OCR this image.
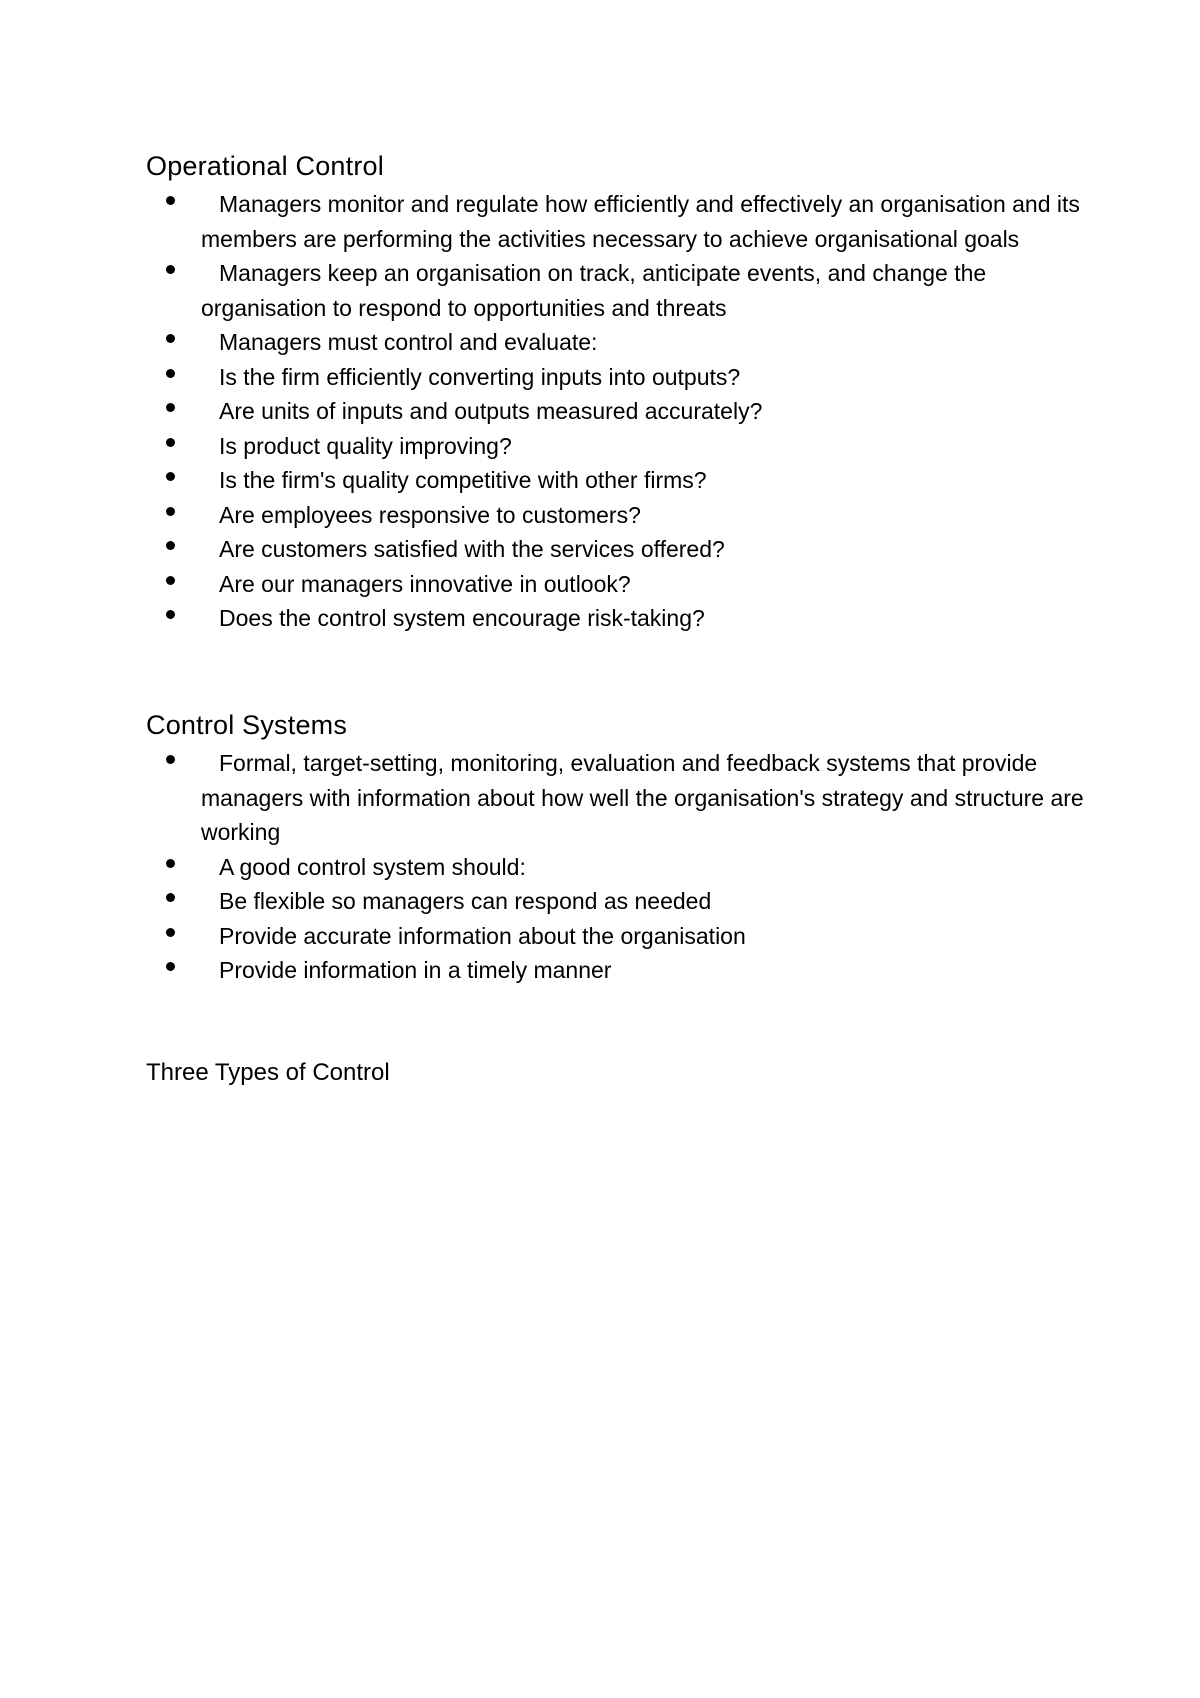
Operational Control
Managers monitor and regulate how efficiently and effectively an organisation and its members are performing the activities necessary to achieve organisational goals
Managers keep an organisation on track, anticipate events, and change the organisation to respond to opportunities and threats
Managers must control and evaluate:
Is the firm efficiently converting inputs into outputs?
Are units of inputs and outputs measured accurately?
Is product quality improving?
Is the firm's quality competitive with other firms?
Are employees responsive to customers?
Are customers satisfied with the services offered?
Are our managers innovative in outlook?
Does the control system encourage risk-taking?
Control Systems
Formal, target-setting, monitoring, evaluation and feedback systems that provide managers with information about how well the organisation's strategy and structure are working
A good control system should:
Be flexible so managers can respond as needed
Provide accurate information about the organisation
Provide information in a timely manner
Three Types of Control
